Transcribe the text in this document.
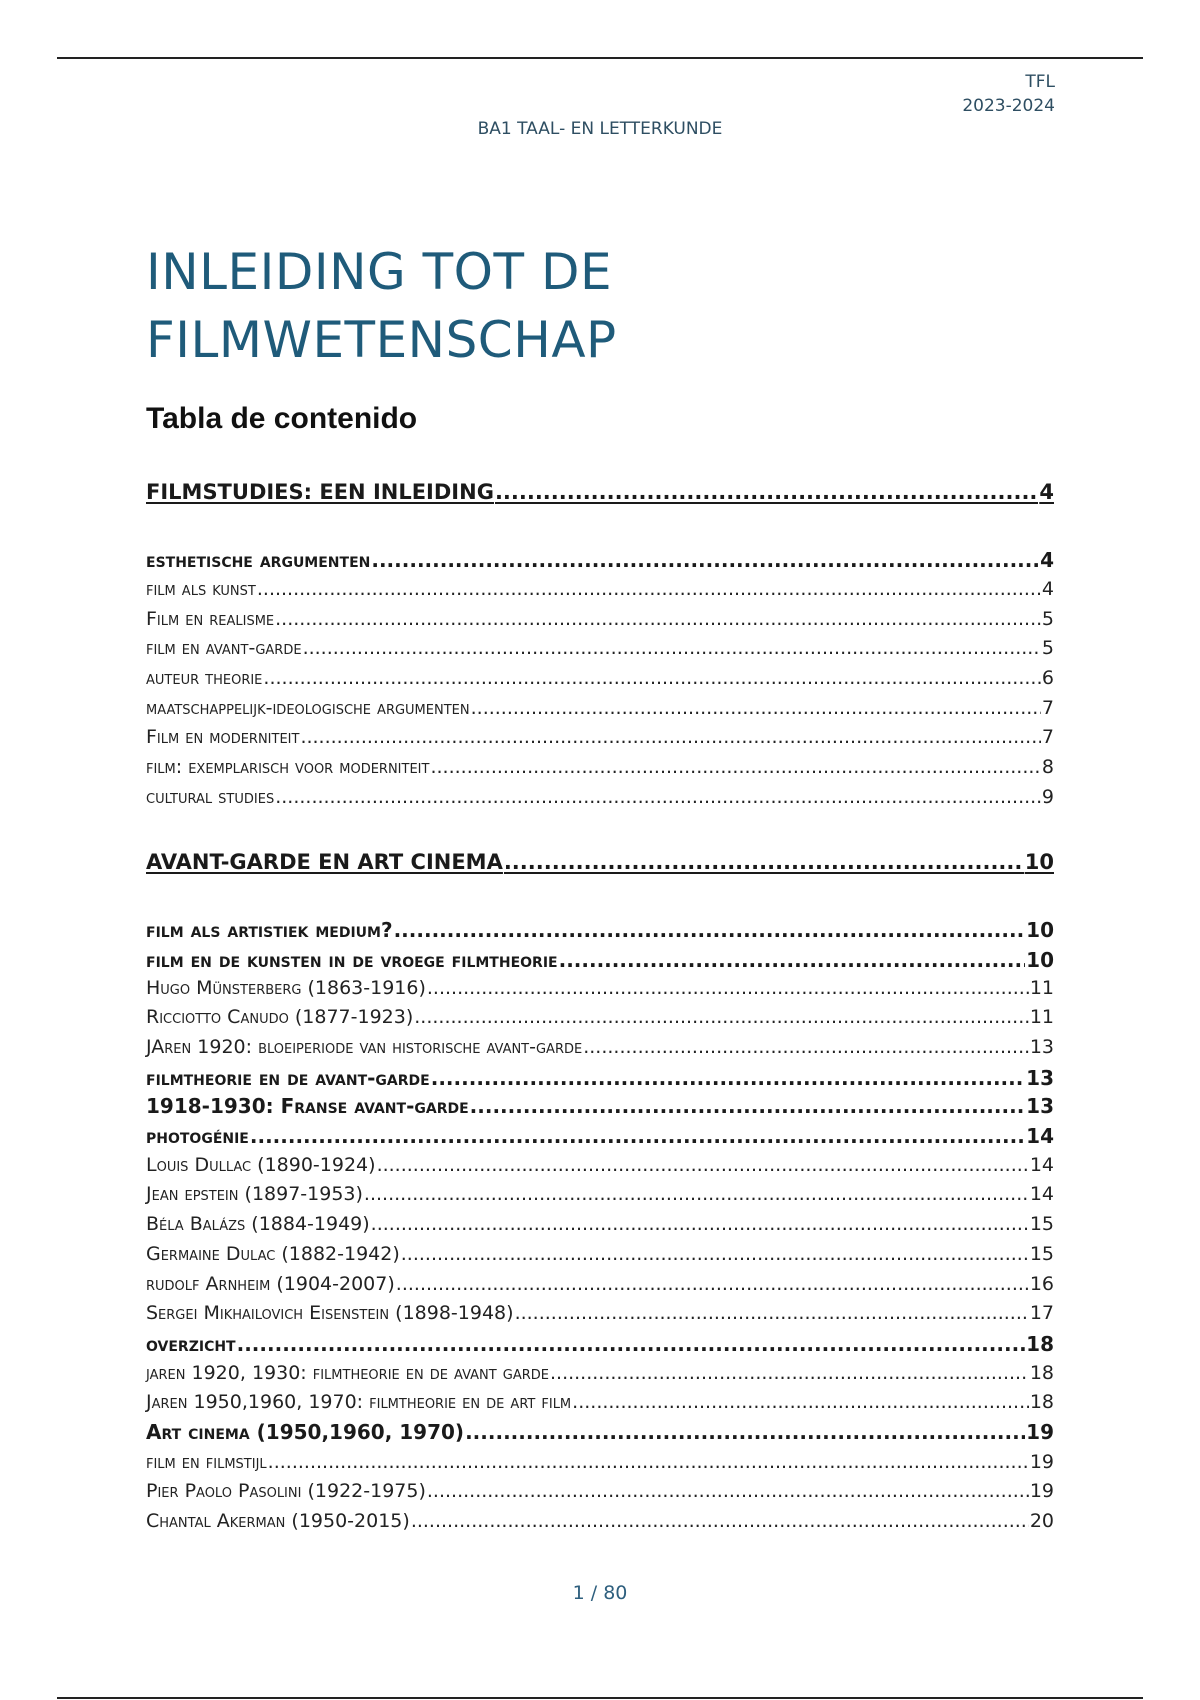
TFL
2023-2024
BA1 TAAL- EN LETTERKUNDE
INLEIDING TOT DE
FILMWETENSCHAP
Tabla de contenido
FILMSTUDIES: EEN INLEIDING .....	4
esthetische argumenten .....	4
film als kunst .....	4
Film en realisme .....	5
film en avant-garde .....	5
auteur theorie .....	6
maatschappelijk-ideologische argumenten .....	7
Film en moderniteit .....	7
film: exemplarisch voor moderniteit .....	8
cultural studies .....	9
AVANT-GARDE EN ART CINEMA .....	10
film als artistiek medium? .....	10
film en de kunsten in de vroege filmtheorie .....	10
Hugo Münsterberg (1863-1916) .....	11
Ricciotto Canudo (1877-1923) .....	11
JAren 1920: bloeiperiode van historische avant-garde .....	13
filmtheorie en de avant-garde .....	13
1918-1930: Franse avant-garde .....	13
photogénie .....	14
Louis Dullac (1890-1924) .....	14
Jean epstein (1897-1953) .....	14
Béla Balázs (1884-1949) .....	15
Germaine Dulac (1882-1942) .....	15
rudolf Arnheim (1904-2007) .....	16
Sergei Mikhailovich Eisenstein (1898-1948) .....	17
overzicht .....	18
jaren 1920, 1930: filmtheorie en de avant garde .....	18
Jaren 1950,1960, 1970: filmtheorie en de art film .....	18
Art cinema (1950,1960, 1970) .....	19
film en filmstijl .....	19
Pier Paolo Pasolini (1922-1975) .....	19
Chantal Akerman (1950-2015) .....	20
1 / 80
